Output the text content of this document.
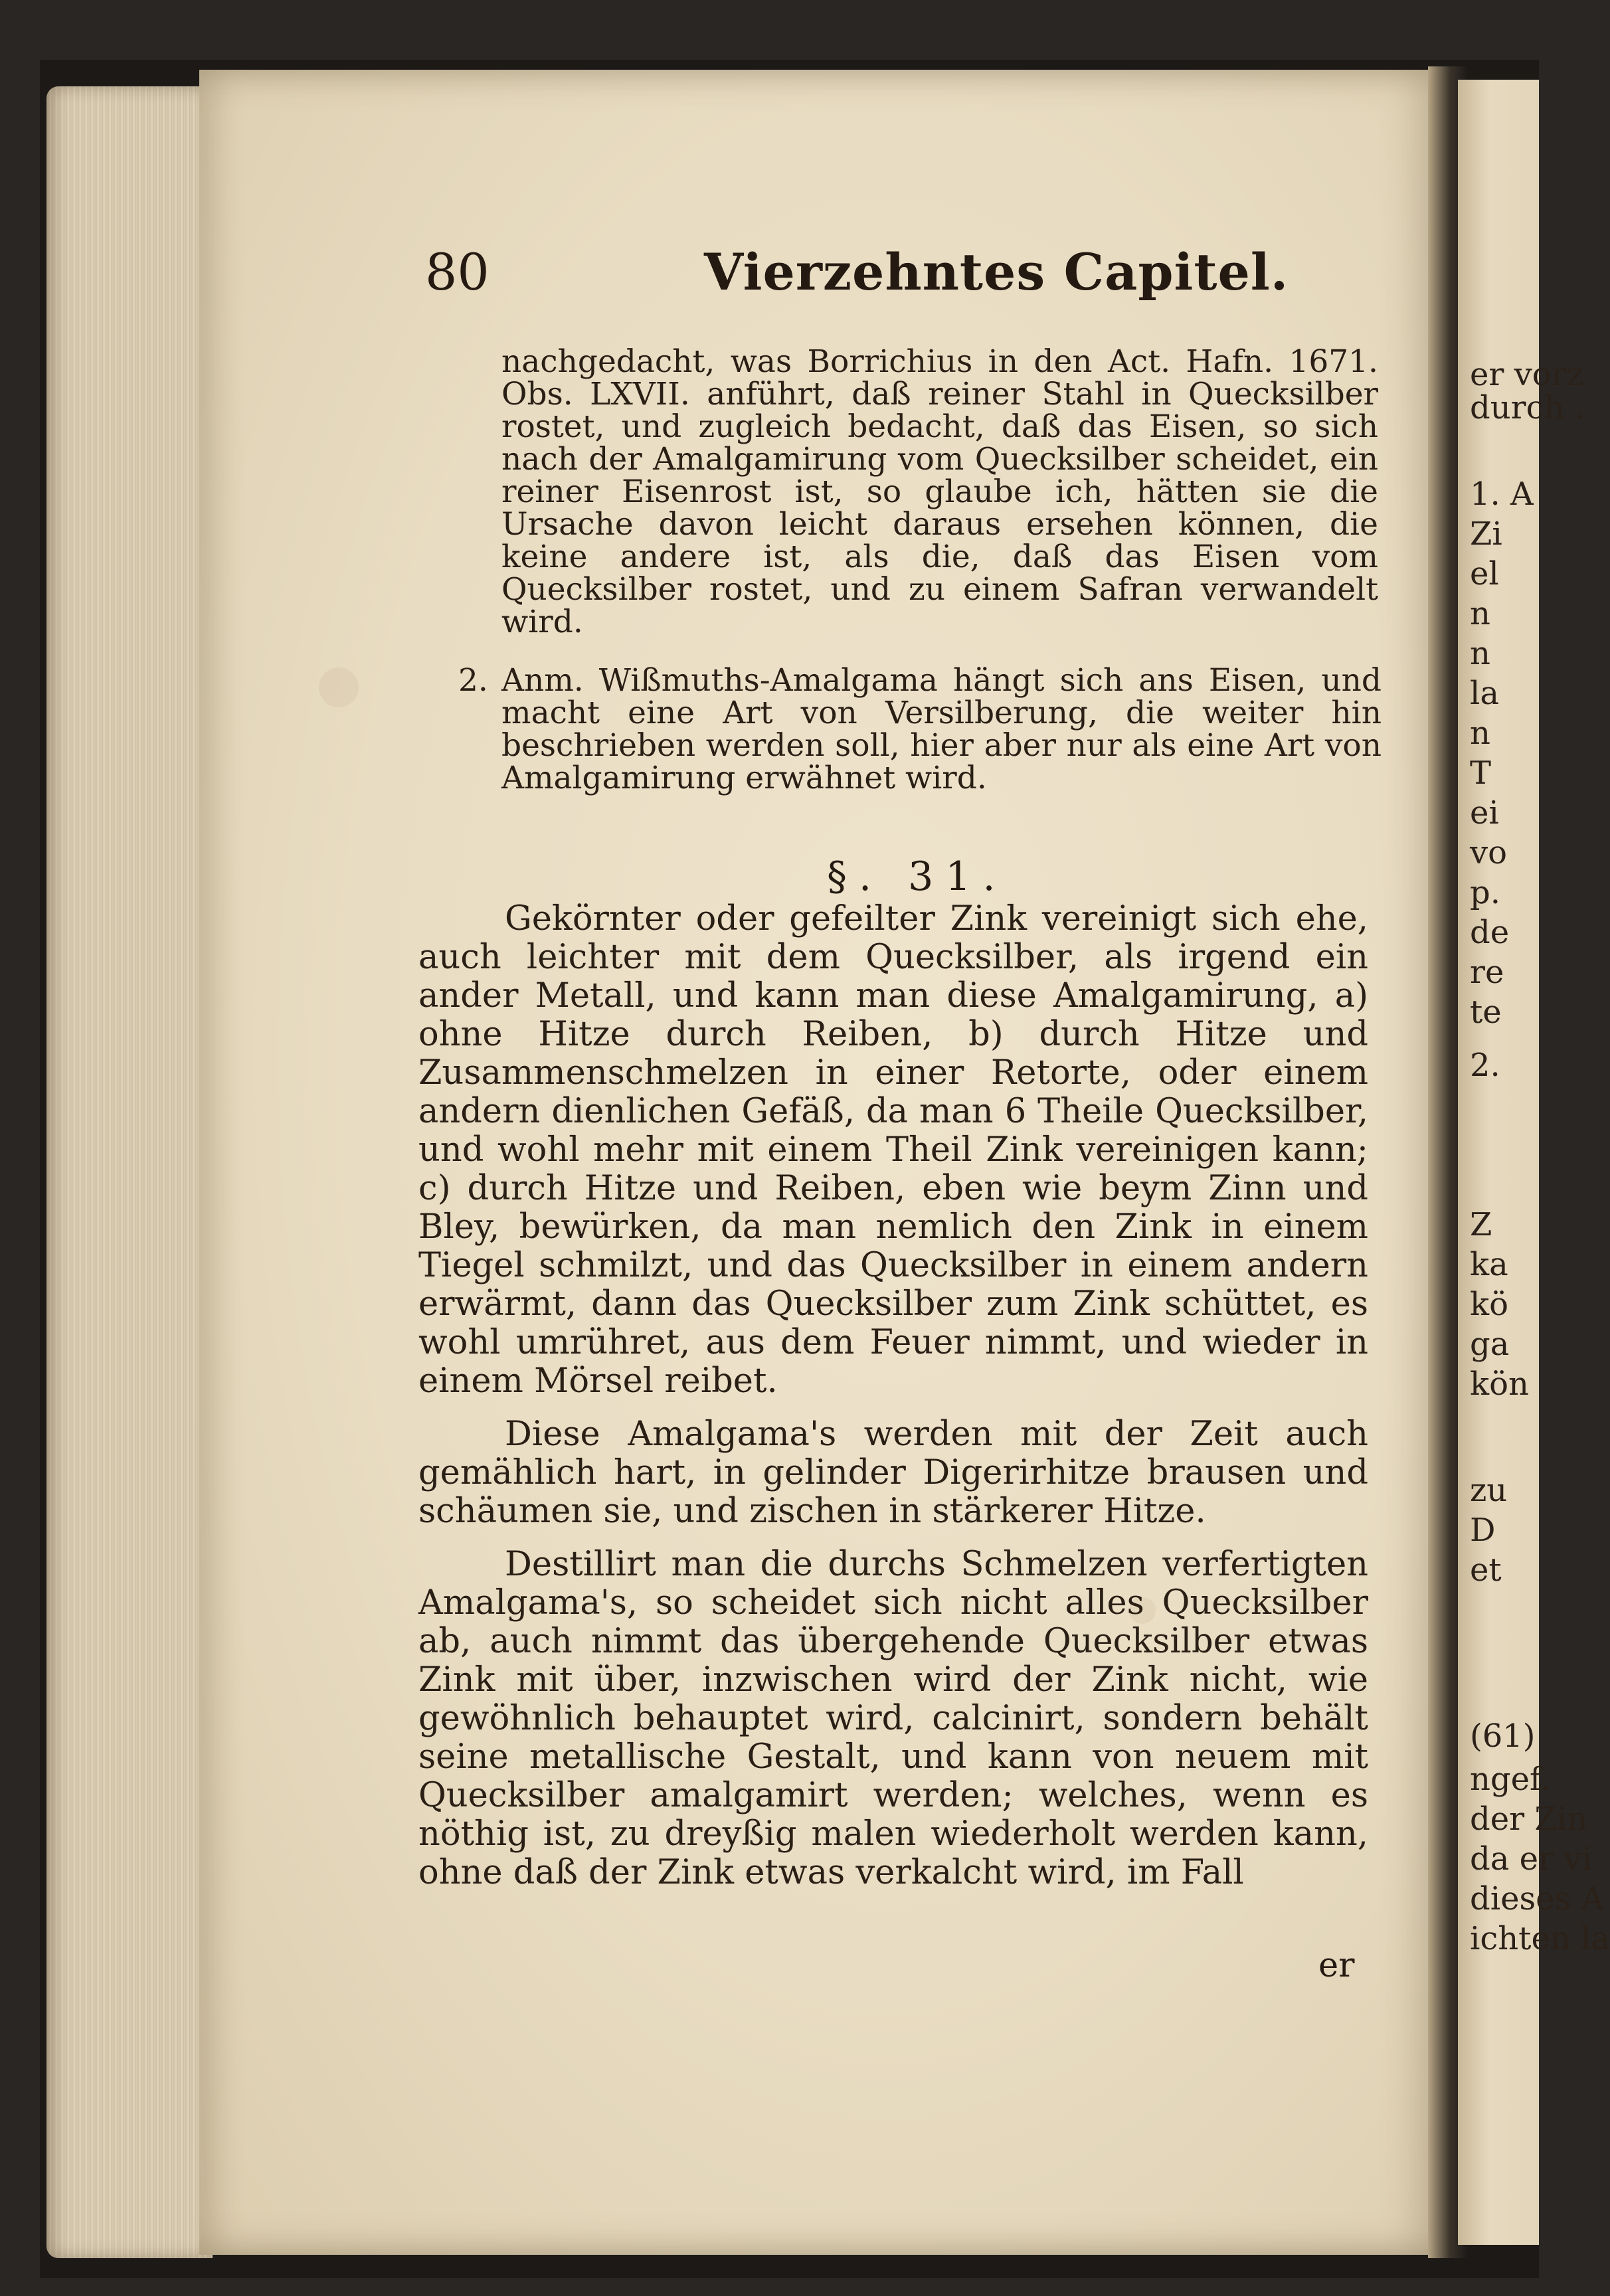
er vorz
durch .
1. A
Zi
el
n
n
la
n
T
ei
vo
p.
de
re
te
2.
Z
ka
kö
ga
kön
zu
D
et
(61)
ngef.
der Zin
da er vi
dieses A
ichten la
80	Vierzehntes Capitel.

nachgedacht, was Borrichius in den Act. Hafn. 1671. Obs. LXVII. anführt, daß reiner Stahl in Quecksilber rostet, und zugleich bedacht, daß das Eisen, so sich nach der Amalgamirung vom Quecksilber scheidet, ein reiner Eisenrost ist, so glaube ich, hätten sie die Ursache davon leicht daraus ersehen können, die keine andere ist, als die, daß das Eisen vom Quecksilber rostet, und zu einem Safran verwandelt wird.

2. Anm. Wißmuths-Amalgama hängt sich ans Eisen, und macht eine Art von Versilberung, die weiter hin beschrieben werden soll, hier aber nur als eine Art von Amalgamirung erwähnet wird.

§. 31.

Gekörnter oder gefeilter Zink vereinigt sich ehe, auch leichter mit dem Quecksilber, als irgend ein ander Metall, und kann man diese Amalgamirung, a) ohne Hitze durch Reiben, b) durch Hitze und Zusammenschmelzen in einer Retorte, oder einem andern dienlichen Gefäß, da man 6 Theile Quecksilber, und wohl mehr mit einem Theil Zink vereinigen kann; c) durch Hitze und Reiben, eben wie beym Zinn und Bley, bewürken, da man nemlich den Zink in einem Tiegel schmilzt, und das Quecksilber in einem andern erwärmt, dann das Quecksilber zum Zink schüttet, es wohl umrühret, aus dem Feuer nimmt, und wieder in einem Mörsel reibet.

Diese Amalgama's werden mit der Zeit auch gemählich hart, in gelinder Digerirhitze brausen und schäumen sie, und zischen in stärkerer Hitze.

Destillirt man die durchs Schmelzen verfertigten Amalgama's, so scheidet sich nicht alles Quecksilber ab, auch nimmt das übergehende Quecksilber etwas Zink mit über, inzwischen wird der Zink nicht, wie gewöhnlich behauptet wird, calcinirt, sondern behält seine metallische Gestalt, und kann von neuem mit Quecksilber amalgamirt werden; welches, wenn es nöthig ist, zu dreyßig malen wiederholt werden kann, ohne daß der Zink etwas verkalcht wird, im Fall

er
